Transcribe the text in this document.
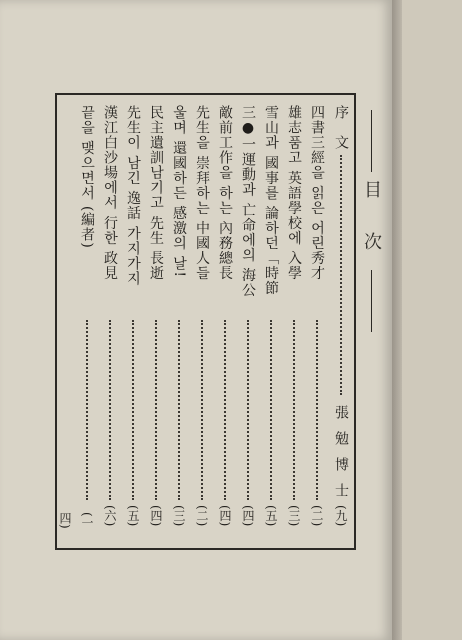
目次
序　文
張勉博士
(九)
四書三經을 읽은 어린秀才
(二)
雄志품고 英語學校에 入學
(三)
雪山과 國事를 論하던「時節
(五)
三●一運動과 亡命에의 海公
(四)
敵前工作을 하는 內務總長
(四)
先生을 崇拜하는 中國人들
(二)
울며 還國하든 感激의 날!
(三)
民主遺訓남기고 先生 長逝
(四)
先生이 남긴 逸話 가지가지
(五)
漢江白沙場에서 行한 政見
(六)
끝을 맺으면서 (編者)
(一四)
